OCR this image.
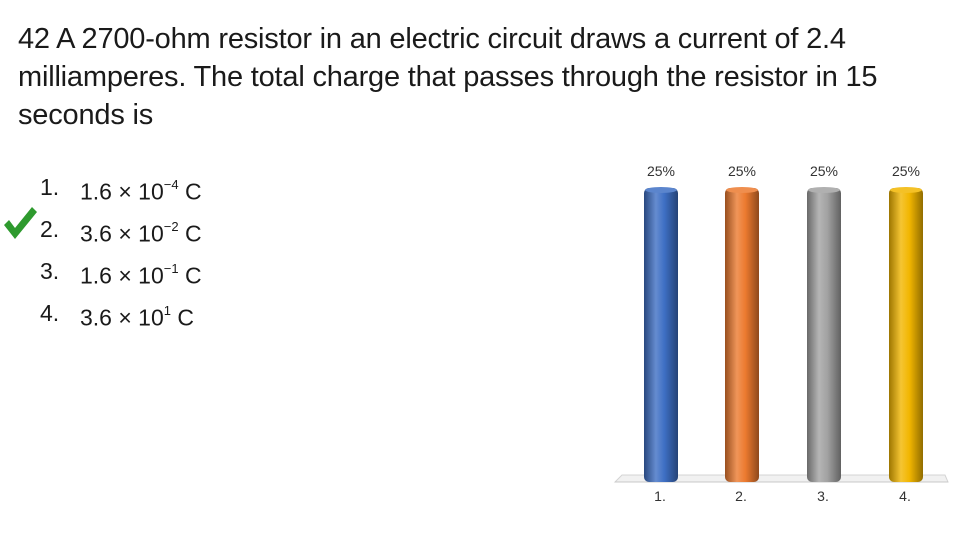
42 A 2700-ohm resistor in an electric circuit draws a current of 2.4 milliamperes. The total charge that passes through the resistor in 15 seconds is
1. $1.6 \times 10^{-4}$ C
2. $3.6 \times 10^{-2}$ C
3. $1.6 \times 10^{-1}$ C
4. $3.6 \times 10^1$ C
25%
1.
25%
2.
25%
3.
25%
4.
